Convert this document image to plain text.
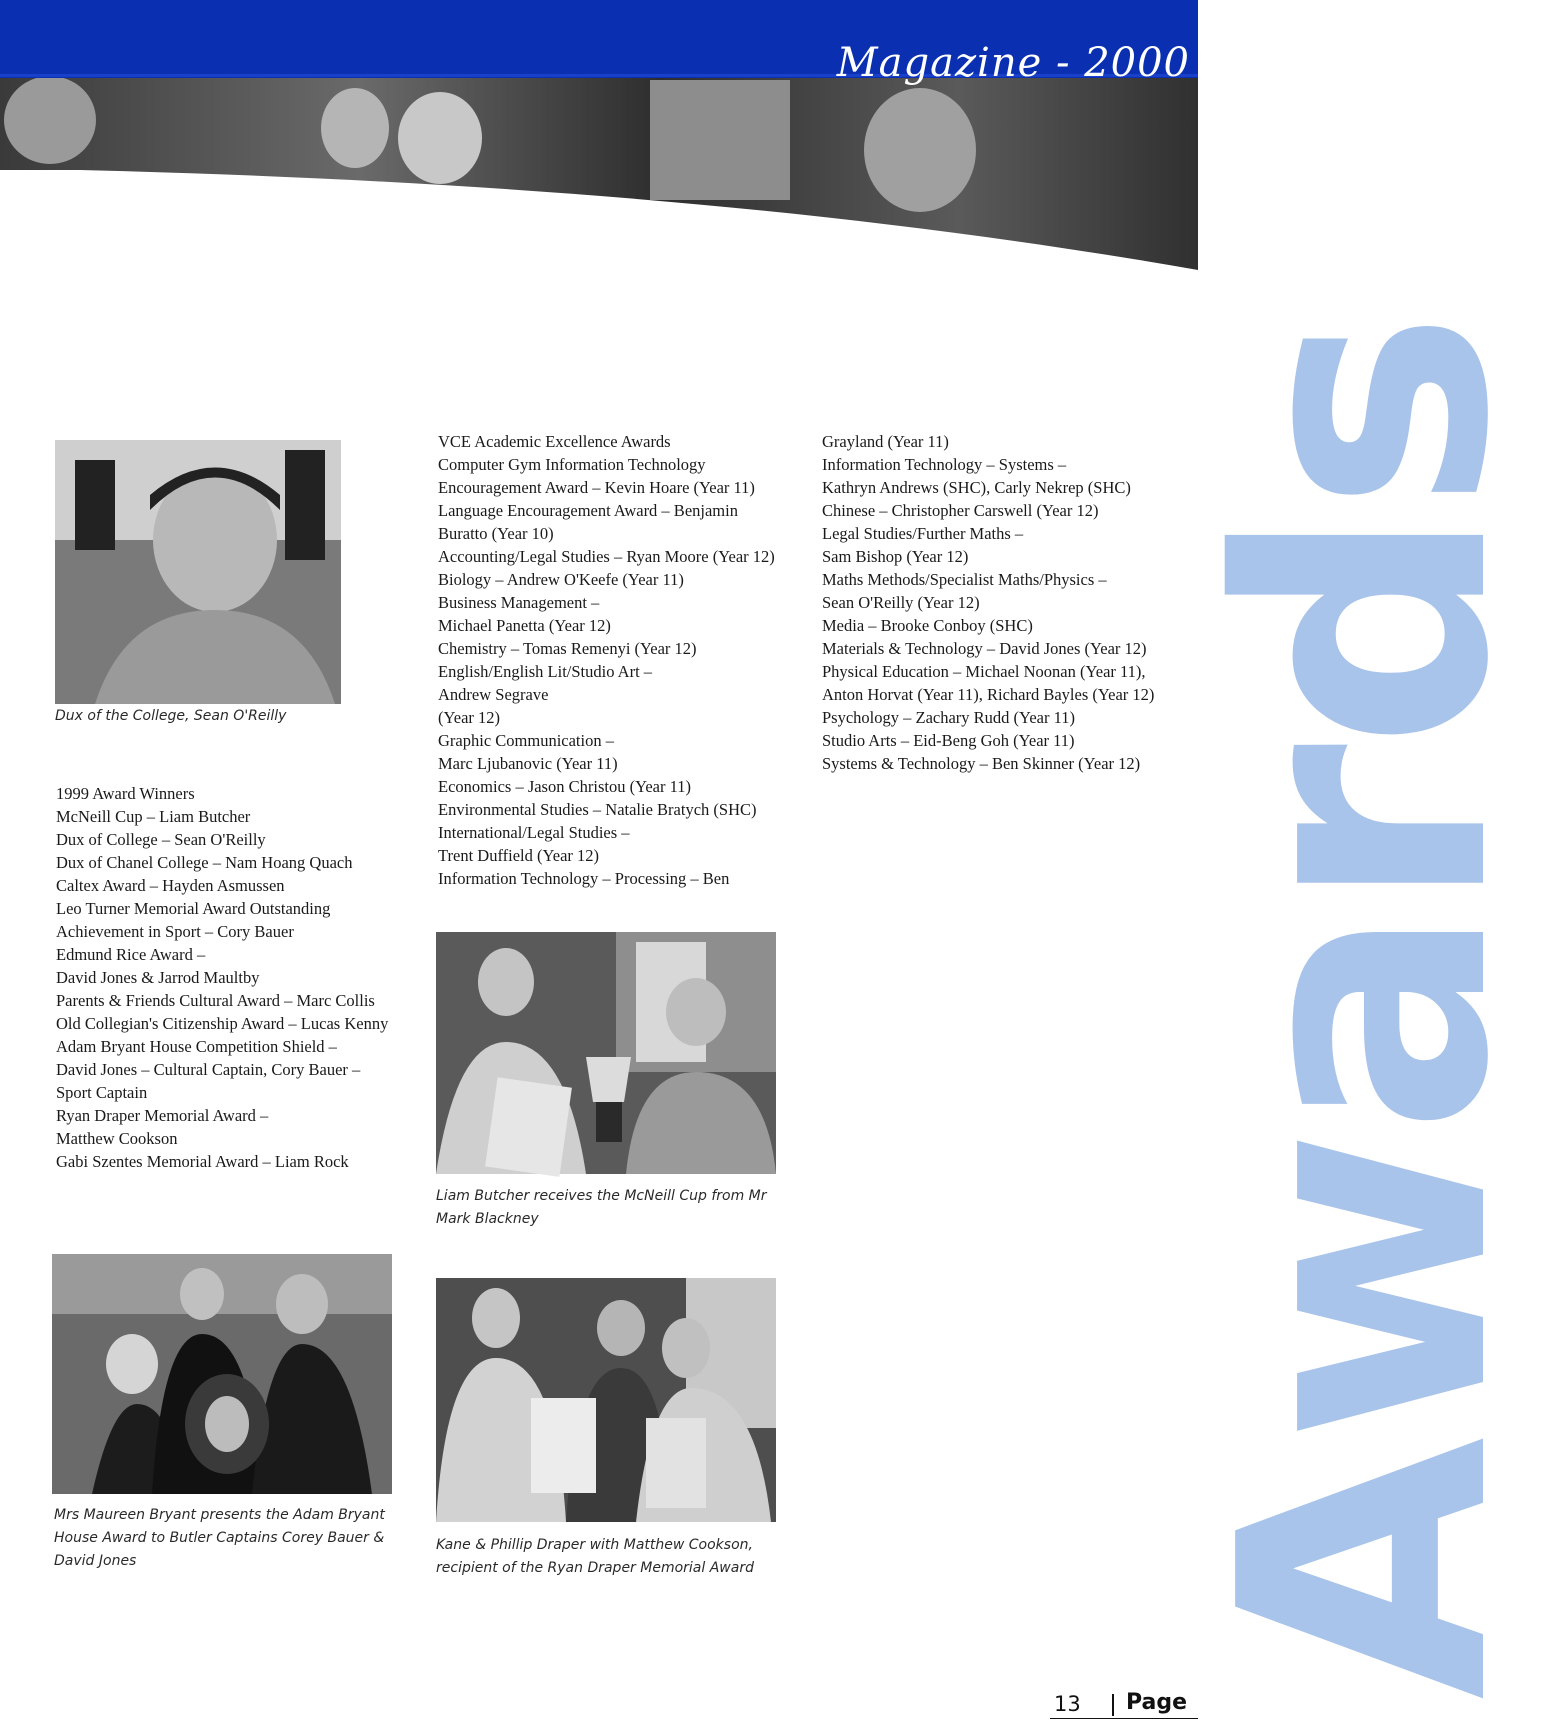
Magazine - 2000
Awards
Dux of the College, Sean O'Reilly
Mrs Maureen Bryant presents the Adam Bryant House Award to Butler Captains Corey Bauer & David Jones
Liam Butcher receives the McNeill Cup from Mr Mark Blackney
Kane & Phillip Draper with Matthew Cookson, recipient of the Ryan Draper Memorial Award

1999 Award Winners

McNeill Cup – Liam Butcher

Dux of College – Sean O'Reilly

Dux of Chanel College – Nam Hoang Quach

Caltex Award – Hayden Asmussen

Leo Turner Memorial Award Outstanding

Achievement in Sport – Cory Bauer

Edmund Rice Award –

David Jones & Jarrod Maultby

Parents & Friends Cultural Award – Marc Collis

Old Collegian's Citizenship Award – Lucas Kenny

Adam Bryant House Competition Shield –

David Jones – Cultural Captain, Cory Bauer –

Sport Captain

Ryan Draper Memorial Award –

Matthew Cookson

Gabi Szentes Memorial Award – Liam Rock

VCE Academic Excellence Awards

Computer Gym Information Technology

Encouragement Award – Kevin Hoare (Year 11)

Language Encouragement Award – Benjamin

Buratto (Year 10)

Accounting/Legal Studies – Ryan Moore (Year 12)

Biology – Andrew O'Keefe (Year 11)

Business Management –

Michael Panetta (Year 12)

Chemistry – Tomas Remenyi (Year 12)

English/English Lit/Studio Art –

Andrew Segrave

(Year 12)

Graphic Communication –

Marc Ljubanovic (Year 11)

Economics – Jason Christou (Year 11)

Environmental Studies – Natalie Bratych (SHC)

International/Legal Studies –

Trent Duffield (Year 12)

Information Technology – Processing – Ben

Grayland (Year 11)

Information Technology – Systems –

Kathryn Andrews (SHC), Carly Nekrep (SHC)

Chinese – Christopher Carswell (Year 12)

Legal Studies/Further Maths –

Sam Bishop (Year 12)

Maths Methods/Specialist Maths/Physics –

Sean O'Reilly (Year 12)

Media – Brooke Conboy (SHC)

Materials & Technology – David Jones (Year 12)

Physical Education – Michael Noonan (Year 11),

Anton Horvat (Year 11), Richard Bayles (Year 12)

Psychology – Zachary Rudd (Year 11)

Studio Arts – Eid-Beng Goh (Year 11)

Systems & Technology – Ben Skinner (Year 12)

13 Page
